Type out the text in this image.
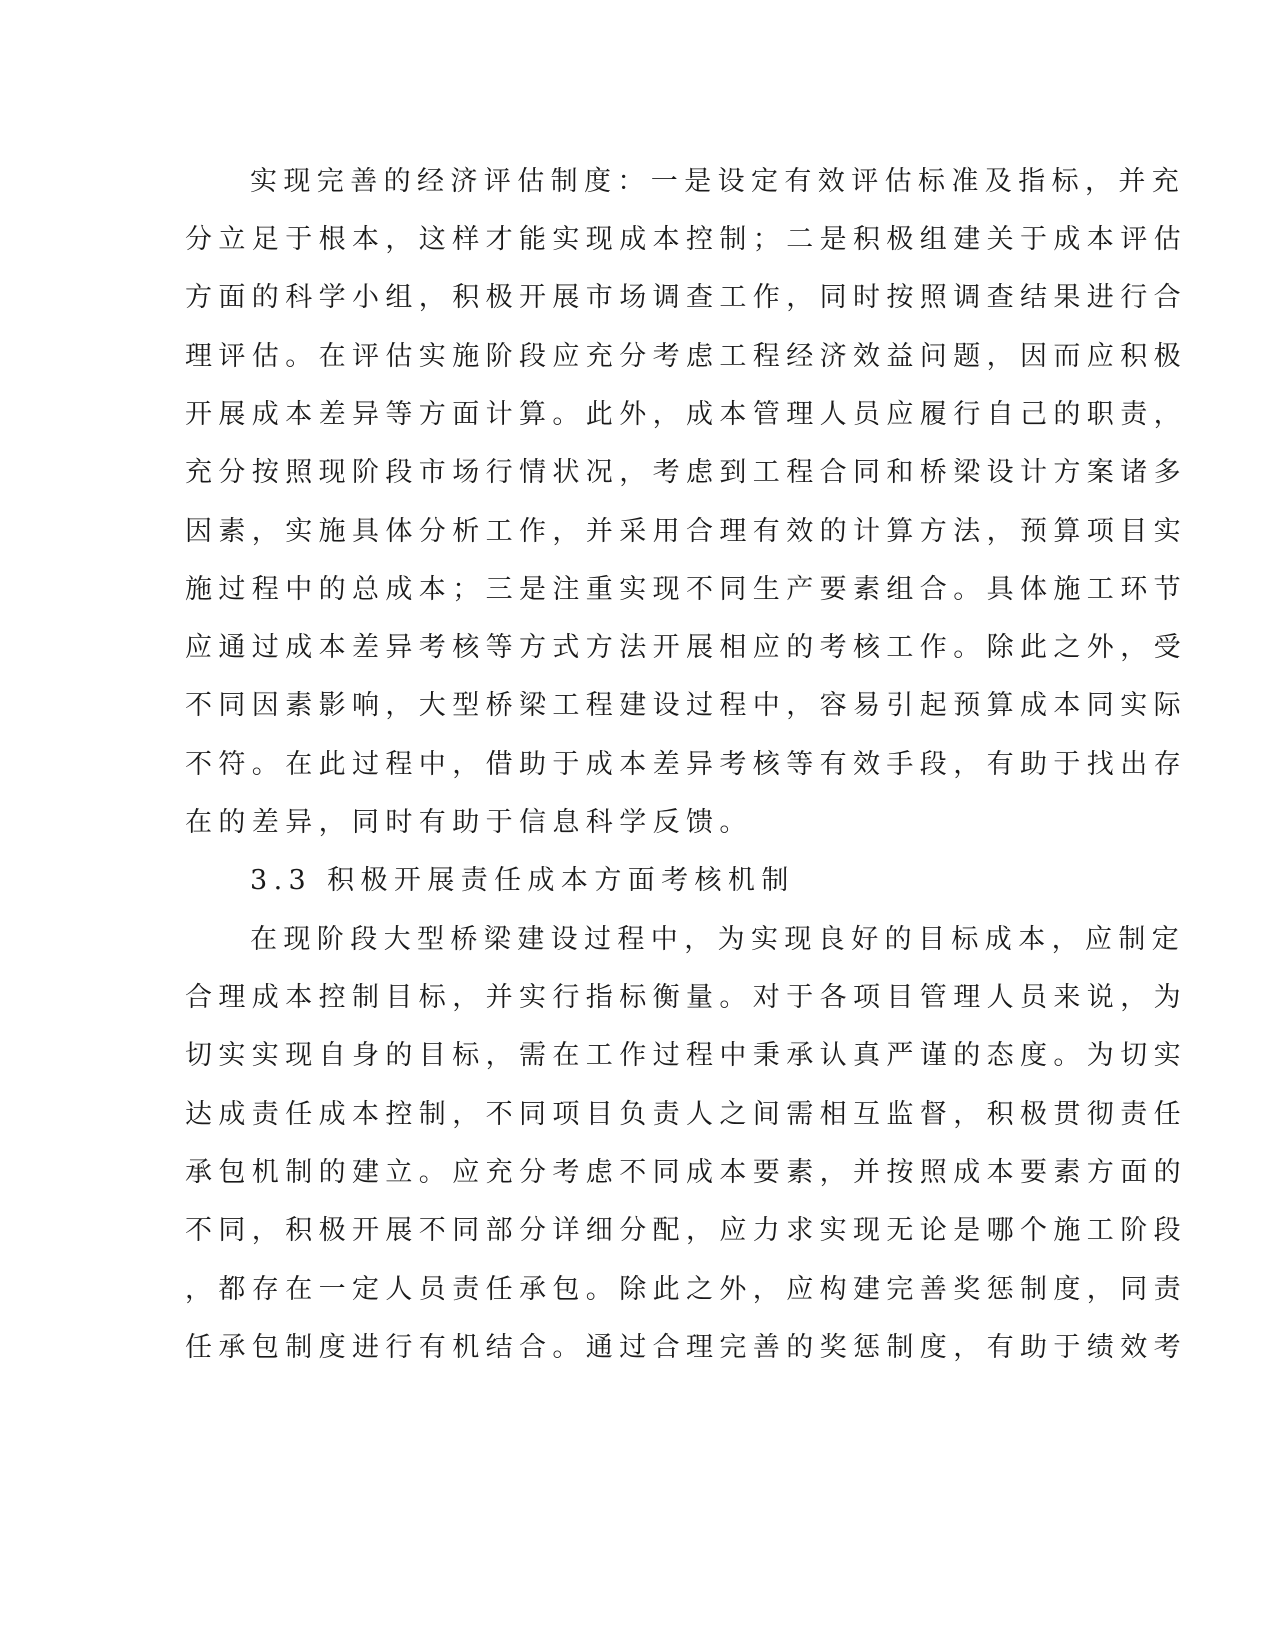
实现完善的经济评估制度：一是设定有效评估标准及指标，并充
分立足于根本，这样才能实现成本控制；二是积极组建关于成本评估
方面的科学小组，积极开展市场调查工作，同时按照调查结果进行合
理评估。在评估实施阶段应充分考虑工程经济效益问题，因而应积极
开展成本差异等方面计算。此外，成本管理人员应履行自己的职责，
充分按照现阶段市场行情状况，考虑到工程合同和桥梁设计方案诸多
因素，实施具体分析工作，并采用合理有效的计算方法，预算项目实
施过程中的总成本；三是注重实现不同生产要素组合。具体施工环节
应通过成本差异考核等方式方法开展相应的考核工作。除此之外，受
不同因素影响，大型桥梁工程建设过程中，容易引起预算成本同实际
不符。在此过程中，借助于成本差异考核等有效手段，有助于找出存
在的差异，同时有助于信息科学反馈。
3.3 积极开展责任成本方面考核机制
在现阶段大型桥梁建设过程中，为实现良好的目标成本，应制定
合理成本控制目标，并实行指标衡量。对于各项目管理人员来说，为
切实实现自身的目标，需在工作过程中秉承认真严谨的态度。为切实
达成责任成本控制，不同项目负责人之间需相互监督，积极贯彻责任
承包机制的建立。应充分考虑不同成本要素，并按照成本要素方面的
不同，积极开展不同部分详细分配，应力求实现无论是哪个施工阶段
，都存在一定人员责任承包。除此之外，应构建完善奖惩制度，同责
任承包制度进行有机结合。通过合理完善的奖惩制度，有助于绩效考
